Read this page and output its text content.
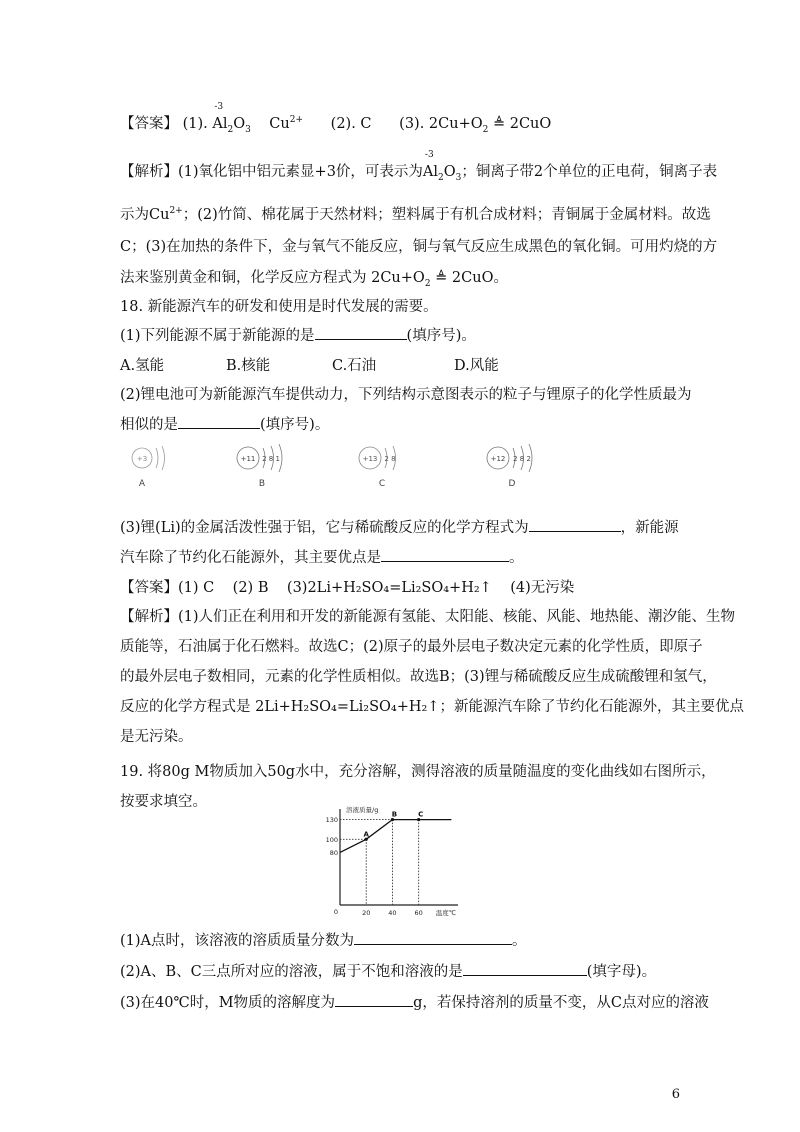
【答案】 (1).
-3
$Al_2O_3$ $Cu^{2+}$ (2). C (3). $2Cu+O_2$ ≜ 2CuO
【解析】(1)氧化铝中铝元素显+3价，可表示为
-3
$Al_2O_3$；铜离子带2个单位的正电荷，铜离子表
示为$Cu^{2+}$；(2)竹简、棉花属于天然材料；塑料属于有机合成材料；青铜属于金属材料。故选
C；(3)在加热的条件下，金与氧气不能反应，铜与氧气反应生成黑色的氧化铜。可用灼烧的方
法来鉴别黄金和铜，化学反应方程式为 $2Cu+O_2$ ≜ 2CuO。
18. 新能源汽车的研发和使用是时代发展的需要。
(1)下列能源不属于新能源的是	(填序号)。
A.氢能	B.核能	C.石油	D.风能
(2)锂电池可为新能源汽车提供动力，下列结构示意图表示的粒子与锂原子的化学性质最为
相似的是	(填序号)。
+3
A
+11 2 8 1
B
+13 2 8
C
+12 2 8 2
D
(3)锂(Li)的金属活泼性强于铝，它与稀硫酸反应的化学方程式为	，新能源
汽车除了节约化石能源外，其主要优点是	。
【答案】(1) C    (2) B    (3)2Li+H₂SO₄=Li₂SO₄+H₂↑    (4)无污染
【解析】(1)人们正在利用和开发的新能源有氢能、太阳能、核能、风能、地热能、潮汐能、生物
质能等，石油属于化石燃料。故选C；(2)原子的最外层电子数决定元素的化学性质，即原子
的最外层电子数相同，元素的化学性质相似。故选B；(3)锂与稀硫酸反应生成硫酸锂和氢气，
反应的化学方程式是 2Li+H₂SO₄=Li₂SO₄+H₂↑；新能源汽车除了节约化石能源外，其主要优点
是无污染。
19. 将80g M物质加入50g水中，充分溶解，测得溶液的质量随温度的变化曲线如右图所示，
按要求填空。	溶液质量/g
温度℃
0
80
100
130
20	40	60
A
B	C
(1)A点时，该溶液的溶质质量分数为	。
(2)A、B、C三点所对应的溶液，属于不饱和溶液的是	(填字母)。
(3)在40℃时，M物质的溶解度为	g，若保持溶剂的质量不变，从C点对应的溶液
6
